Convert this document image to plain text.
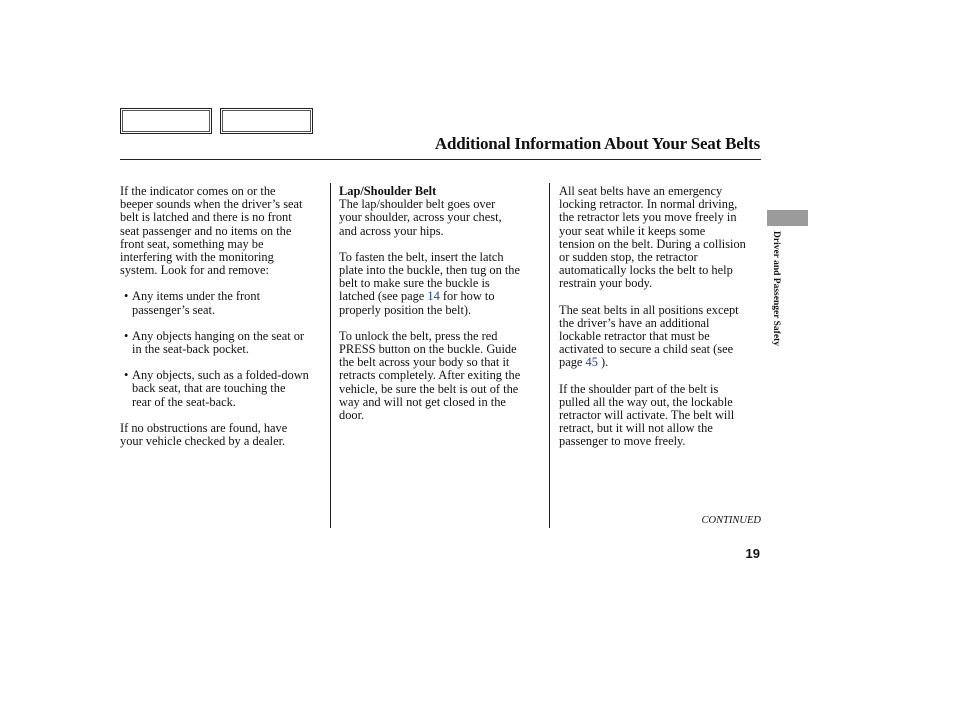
Additional Information About Your Seat Belts

If the indicator comes on or the
beeper sounds when the driver’s seat
belt is latched and there is no front
seat passenger and no items on the
front seat, something may be
interfering with the monitoring
system. Look for and remove:

• Any items under the front
passenger’s seat.
• Any objects hanging on the seat or
in the seat-back pocket.
• Any objects, such as a folded-down
back seat, that are touching the
rear of the seat-back.

If no obstructions are found, have
your vehicle checked by a dealer.

Lap/Shoulder Belt
The lap/shoulder belt goes over
your shoulder, across your chest,
and across your hips.

To fasten the belt, insert the latch
plate into the buckle, then tug on the
belt to make sure the buckle is
latched (see page 14 for how to
properly position the belt).

To unlock the belt, press the red
PRESS button on the buckle. Guide
the belt across your body so that it
retracts completely. After exiting the
vehicle, be sure the belt is out of the
way and will not get closed in the
door.

All seat belts have an emergency
locking retractor. In normal driving,
the retractor lets you move freely in
your seat while it keeps some
tension on the belt. During a collision
or sudden stop, the retractor
automatically locks the belt to help
restrain your body.

The seat belts in all positions except
the driver’s have an additional
lockable retractor that must be
activated to secure a child seat (see
page 45 ).

If the shoulder part of the belt is
pulled all the way out, the lockable
retractor will activate. The belt will
retract, but it will not allow the
passenger to move freely.

Driver and Passenger Safety
CONTINUED
19
